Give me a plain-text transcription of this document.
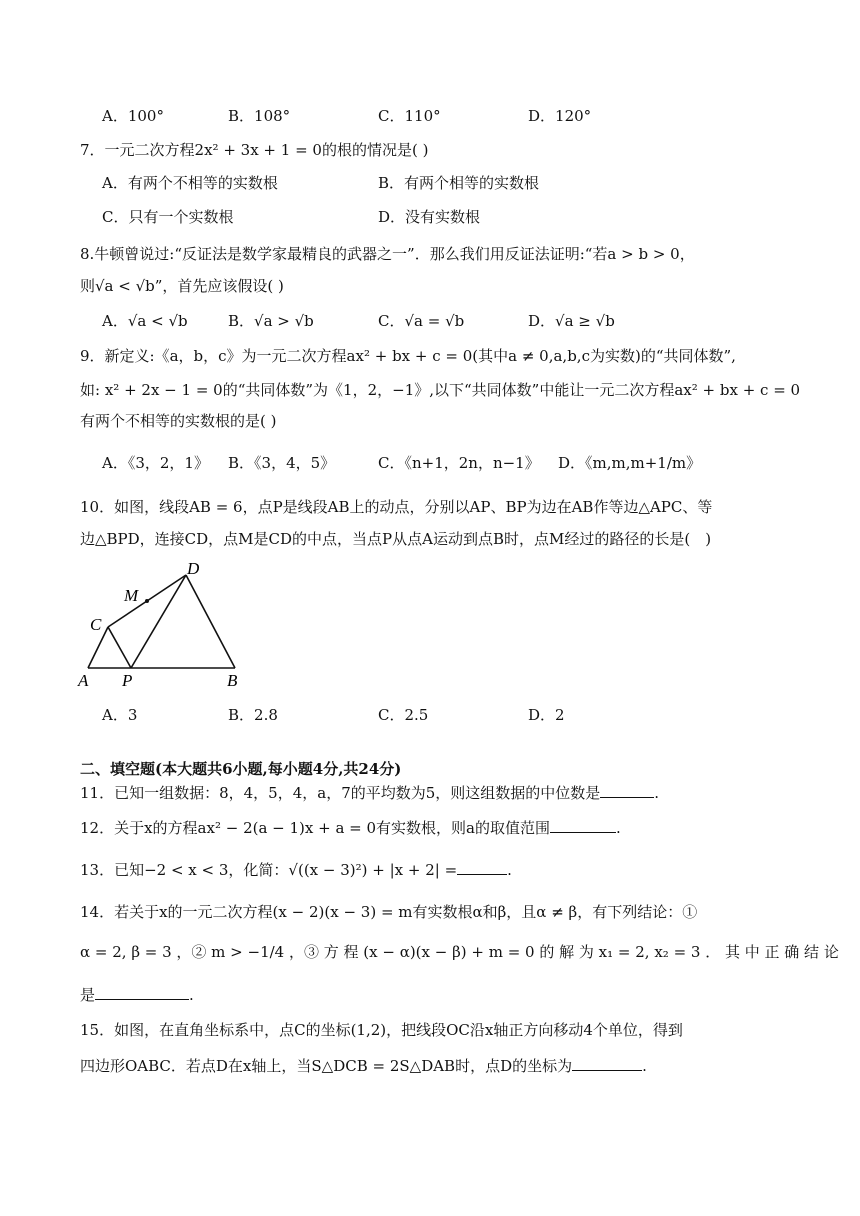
A．100°	B．108°	C．110°	D．120°
7．一元二次方程2x² + 3x + 1 = 0的根的情况是( )
A．有两个不相等的实数根	B．有两个相等的实数根
C．只有一个实数根	D．没有实数根
8.牛顿曾说过:“反证法是数学家最精良的武器之一”．那么我们用反证法证明:“若a > b > 0，
则√a < √b”，首先应该假设( )
A．√a < √b	B．√a > √b	C．√a = √b	D．√a ≥ √b
9．新定义:《a，b，c》为一元二次方程ax² + bx + c = 0(其中a ≠ 0,a,b,c为实数)的“共同体数”,
如: x² + 2x − 1 = 0的“共同体数”为《1，2，−1》,以下“共同体数”中能让一元二次方程ax² + bx + c = 0
有两个不相等的实数根的是( )
A．《3，2，1》 B．《3，4，5》	C．《n+1，2n，n−1》 D．《m,m,m+1/m》
10．如图，线段AB = 6，点P是线段AB上的动点，分别以AP、BP为边在AB作等边△APC、等
边△BPD，连接CD，点M是CD的中点，当点P从点A运动到点B时，点M经过的路径的长是(　)
D
M
C
A P	B
A．3	B．2.8	C．2.5	D．2
二、填空题(本大题共6小题,每小题4分,共24分)
11．已知一组数据：8，4，5，4，a，7的平均数为5，则这组数据的中位数是	.
12．关于x的方程ax² − 2(a − 1)x + a = 0有实数根，则a的取值范围	.
13．已知−2 < x < 3，化简：√((x − 3)²) + |x + 2| =	.
14．若关于x的一元二次方程(x − 2)(x − 3) = m有实数根α和β，且α ≠ β，有下列结论：①
α = 2, β = 3 ，② m > −1/4 ，③ 方 程 (x − α)(x − β) + m = 0 的 解 为 x₁ = 2, x₂ = 3 ． 其 中 正 确 结 论
是	.
15．如图，在直角坐标系中，点C的坐标(1,2)，把线段OC沿x轴正方向移动4个单位，得到
四边形OABC．若点D在x轴上，当S△DCB = 2S△DAB时，点D的坐标为	.
